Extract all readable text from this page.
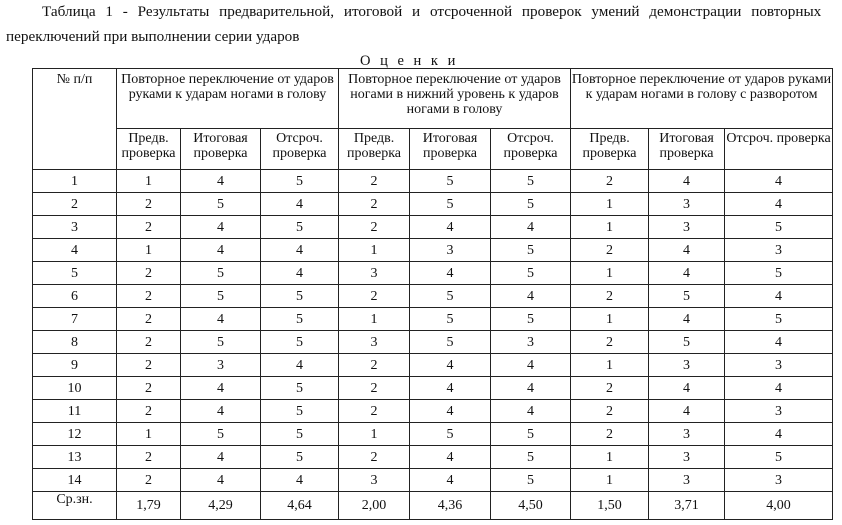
Таблица 1 - Результаты предварительной, итоговой и отсроченной проверок умений демонстрации повторных
переключений при выполнении серии ударов
О ц е н к и
№ п/п	Повторное переключение от ударов руками к ударам ногами в голову			Повторное переключение от ударов ногами в нижний уровень к ударов ногами в голову			Повторное переключение от ударов руками к ударам ногами в голову с разворотом		
	Предв. проверка	Итоговая проверка	Отсроч. проверка	Предв. проверка	Итоговая проверка	Отсроч. проверка	Предв. проверка	Итоговая проверка	Отсроч. проверка
1	1	4	5	2	5	5	2	4	4
2	2	5	4	2	5	5	1	3	4
3	2	4	5	2	4	4	1	3	5
4	1	4	4	1	3	5	2	4	3
5	2	5	4	3	4	5	1	4	5
6	2	5	5	2	5	4	2	5	4
7	2	4	5	1	5	5	1	4	5
8	2	5	5	3	5	3	2	5	4
9	2	3	4	2	4	4	1	3	3
10	2	4	5	2	4	4	2	4	4
11	2	4	5	2	4	4	2	4	3
12	1	5	5	1	5	5	2	3	4
13	2	4	5	2	4	5	1	3	5
14	2	4	4	3	4	5	1	3	3
Ср.зн.	1,79	4,29	4,64	2,00	4,36	4,50	1,50	3,71	4,00
